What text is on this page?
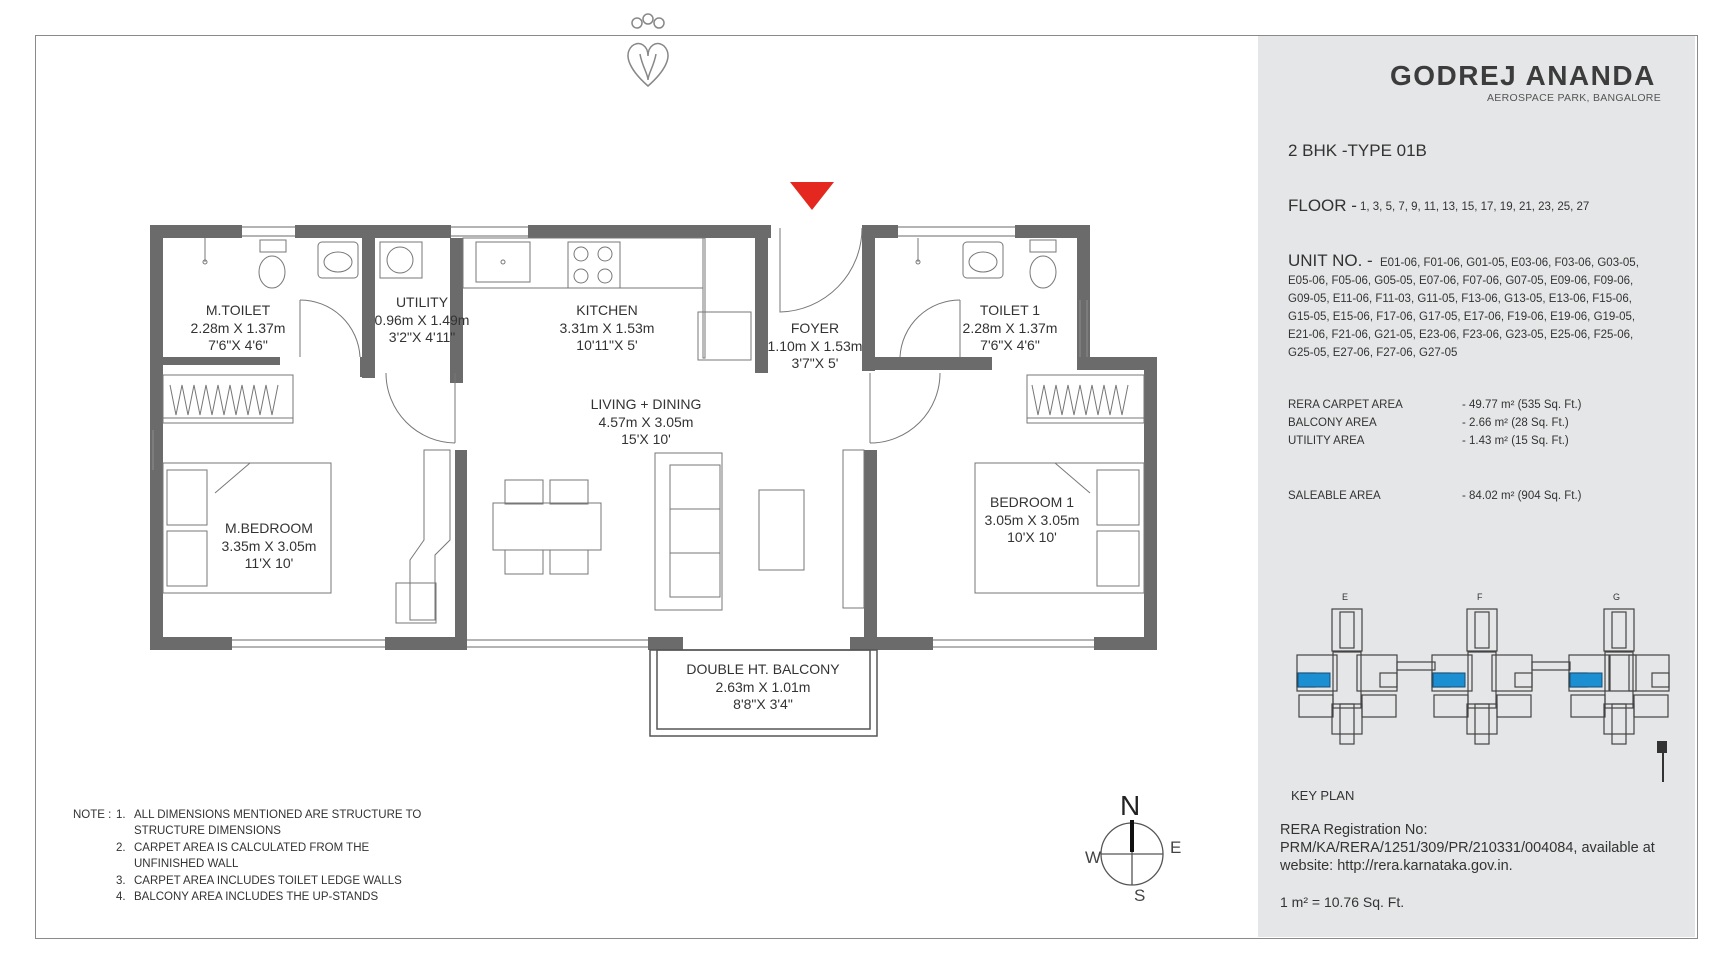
GODREJ ANANDA
AEROSPACE PARK, BANGALORE
2 BHK -TYPE 01B
FLOOR - 1, 3, 5, 7, 9, 11, 13, 15, 17, 19, 21, 23, 25, 27
UNIT NO. - E01-06, F01-06, G01-05, E03-06, F03-06, G03-05,
E05-06, F05-06, G05-05, E07-06, F07-06, G07-05, E09-06, F09-06,
G09-05, E11-06, F11-03, G11-05, F13-06, G13-05, E13-06, F15-06,
G15-05, E15-06, F17-06, G17-05, E17-06, F19-06, E19-06, G19-05,
E21-06, F21-06, G21-05, E23-06, F23-06, G23-05, E25-06, F25-06,
G25-05, E27-06, F27-06, G27-05
RERA CARPET AREA	- 49.77 m² (535 Sq. Ft.)
BALCONY AREA	- 2.66 m² (28 Sq. Ft.)
UTILITY AREA	- 1.43 m² (15 Sq. Ft.)
SALEABLE AREA	- 84.02 m² (904 Sq. Ft.)
E	F	G
KEY PLAN
RERA Registration No:
PRM/KA/RERA/1251/309/PR/210331/004084, available at
website: http://rera.karnataka.gov.in.
1 m² = 10.76 Sq. Ft.
M.TOILET
2.28m X 1.37m
7'6"X 4'6"
UTILITY
0.96m X 1.49m
3'2"X 4'11"
KITCHEN
3.31m X 1.53m
10'11"X 5'
FOYER
1.10m X 1.53m
3'7"X 5'
TOILET 1
2.28m X 1.37m
7'6"X 4'6"
LIVING + DINING
4.57m X 3.05m
15'X 10'
M.BEDROOM
3.35m X 3.05m
11'X 10'
BEDROOM 1
3.05m X 3.05m
10'X 10'
DOUBLE HT. BALCONY
2.63m X 1.01m
8'8"X 3'4"
NOTE : 1. ALL DIMENSIONS MENTIONED ARE STRUCTURE TO
STRUCTURE DIMENSIONS
2. CARPET AREA IS CALCULATED FROM THE
UNFINISHED WALL
3. CARPET AREA INCLUDES TOILET LEDGE WALLS
4. BALCONY AREA INCLUDES THE UP-STANDS
N
E
W
S
